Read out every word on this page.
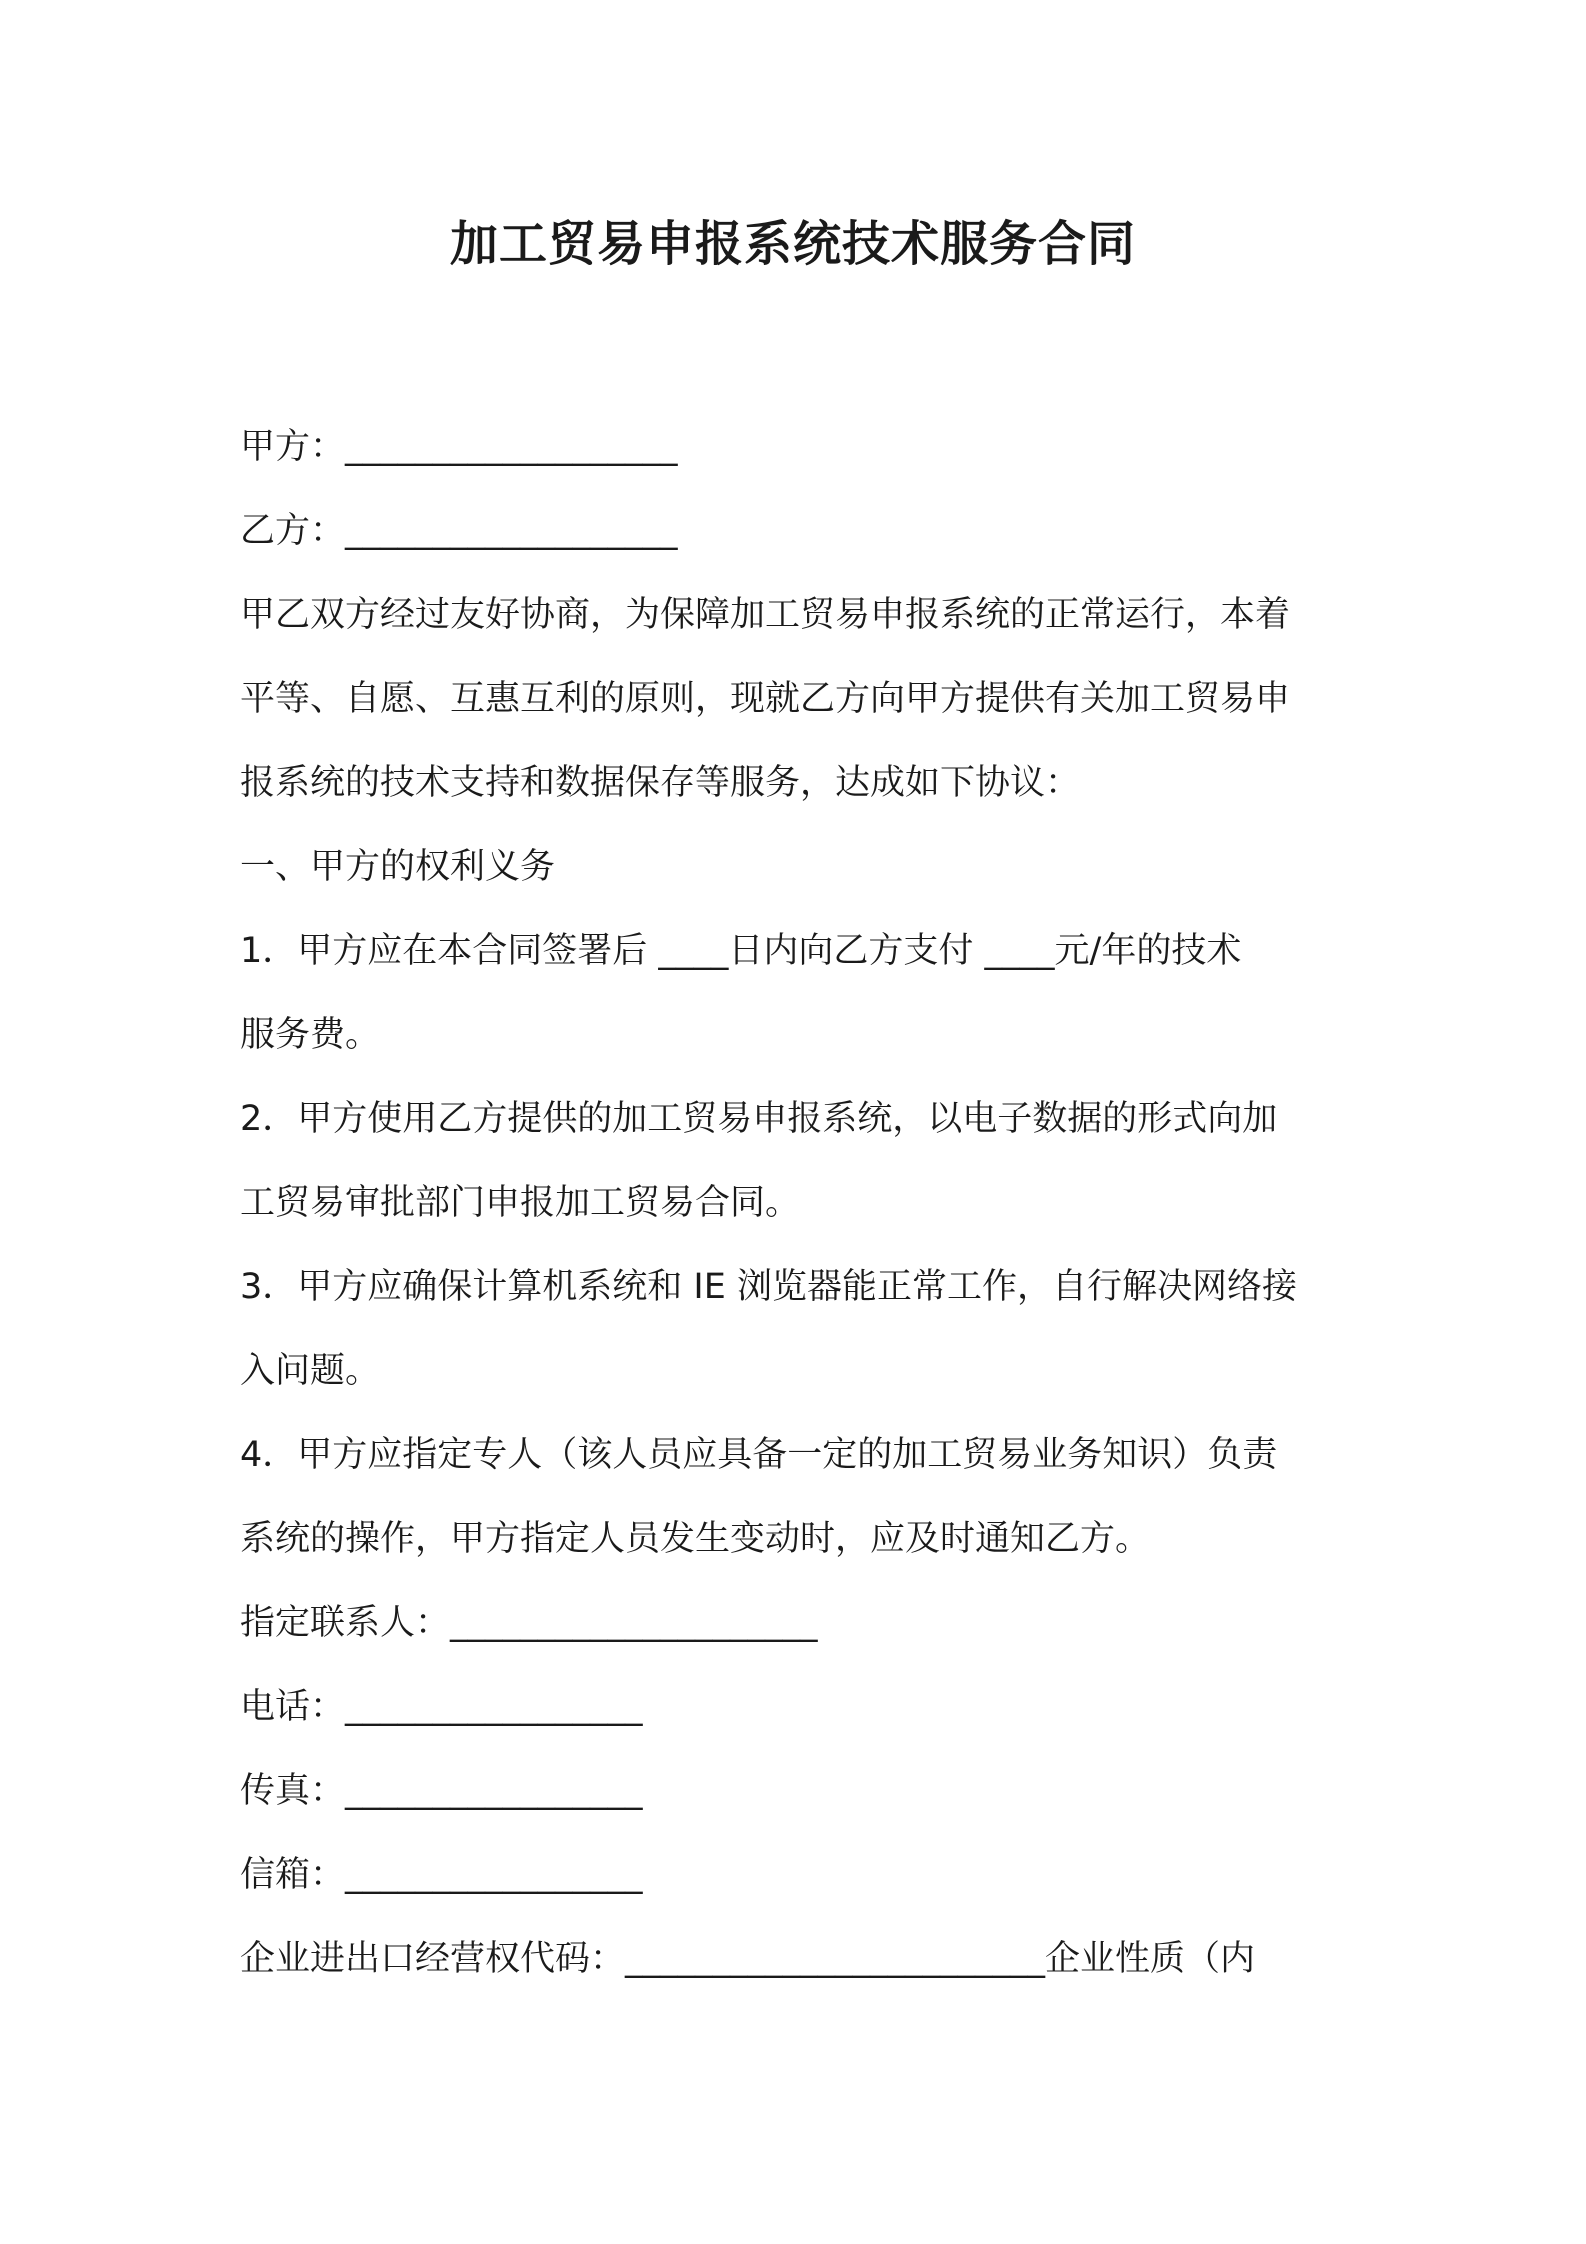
加工贸易申报系统技术服务合同

甲方：___________________

乙方：___________________

甲乙双方经过友好协商，为保障加工贸易申报系统的正常运行，本着

平等、自愿、互惠互利的原则，现就乙方向甲方提供有关加工贸易申

报系统的技术支持和数据保存等服务，达成如下协议：

一、甲方的权利义务

1．甲方应在本合同签署后 ____日内向乙方支付 ____元/年的技术

服务费。

2．甲方使用乙方提供的加工贸易申报系统，以电子数据的形式向加

工贸易审批部门申报加工贸易合同。

3．甲方应确保计算机系统和 IE 浏览器能正常工作，自行解决网络接

入问题。

4．甲方应指定专人（该人员应具备一定的加工贸易业务知识）负责

系统的操作，甲方指定人员发生变动时，应及时通知乙方。

指定联系人：_____________________

电话：_________________

传真：_________________

信箱：_________________

企业进出口经营权代码：________________________企业性质（内
